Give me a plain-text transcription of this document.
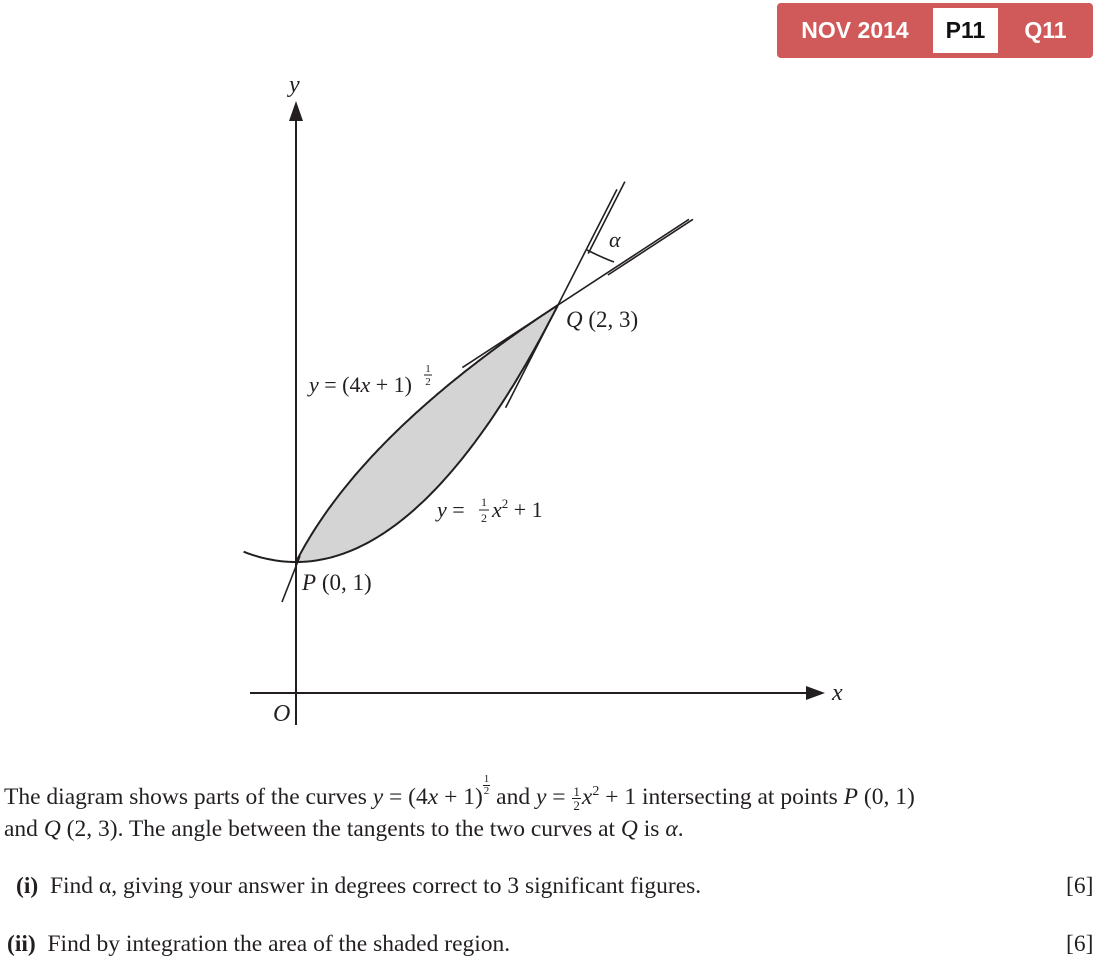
NOV 2014	P11	Q11
y
x
O
α
y = (4x + 1)
1
2
y = 1
2 $x^2 + 1$
P (0, 1)
Q (2, 3)
The diagram shows parts of the curves $y = (4x + 1) \frac{1}{2}$ and $y = \frac{1}{2} x^2 + 1$ intersecting at points P (0, 1)
and Q (2, 3). The angle between the tangents to the two curves at Q is α.
(i) Find α, giving your answer in degrees correct to 3 significant figures.	[6]
(ii) Find by integration the area of the shaded region.	[6]
